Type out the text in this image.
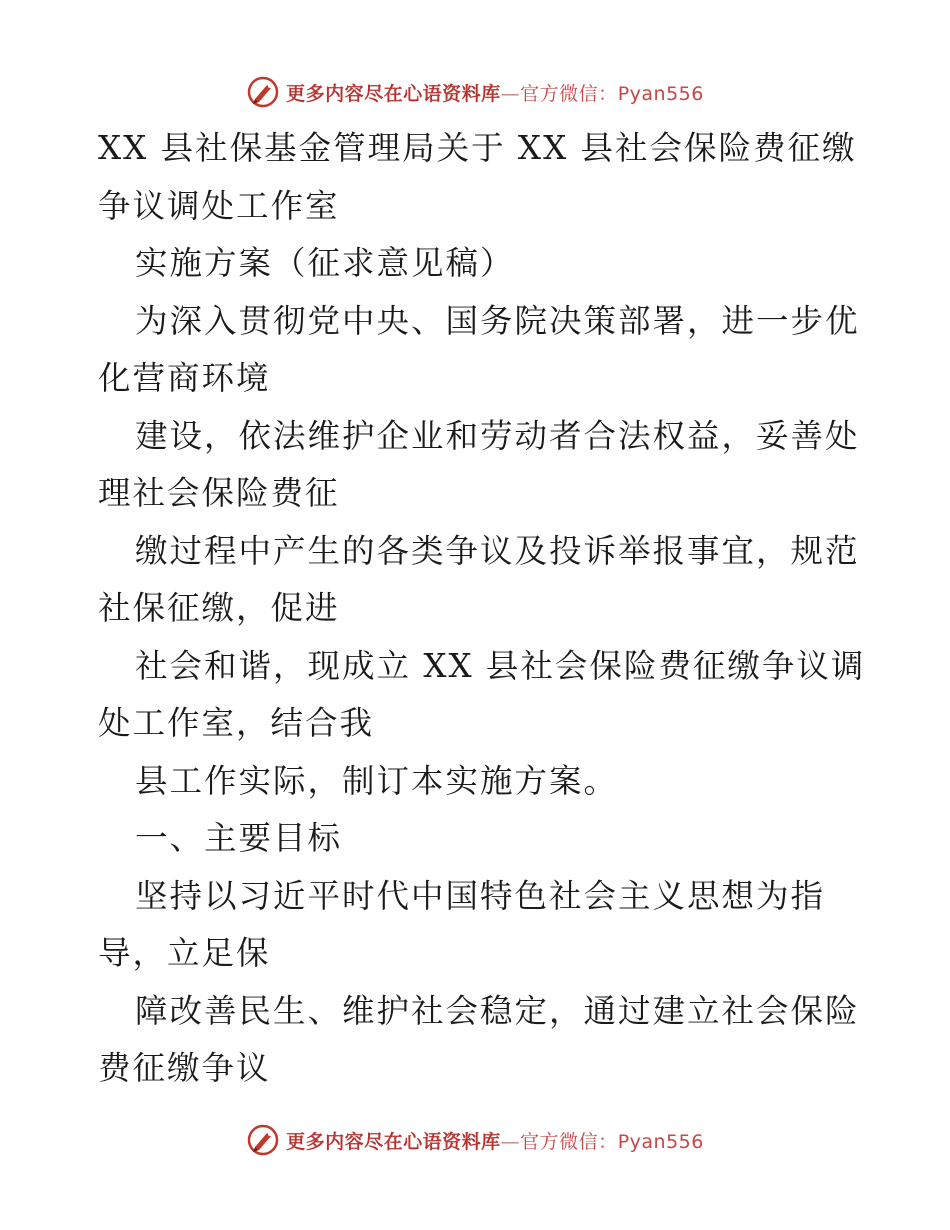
更多内容尽在心语资料库—官方微信：Pyan556
XX 县社保基金管理局关于 XX 县社会保险费征缴
争议调处工作室
实施方案（征求意见稿）
为深入贯彻党中央、国务院决策部署，进一步优
化营商环境
建设，依法维护企业和劳动者合法权益，妥善处
理社会保险费征
缴过程中产生的各类争议及投诉举报事宜，规范
社保征缴，促进
社会和谐，现成立 XX 县社会保险费征缴争议调
处工作室，结合我
县工作实际，制订本实施方案。
一、主要目标
坚持以习近平时代中国特色社会主义思想为指
导，立足保
障改善民生、维护社会稳定，通过建立社会保险
费征缴争议
更多内容尽在心语资料库—官方微信：Pyan556
